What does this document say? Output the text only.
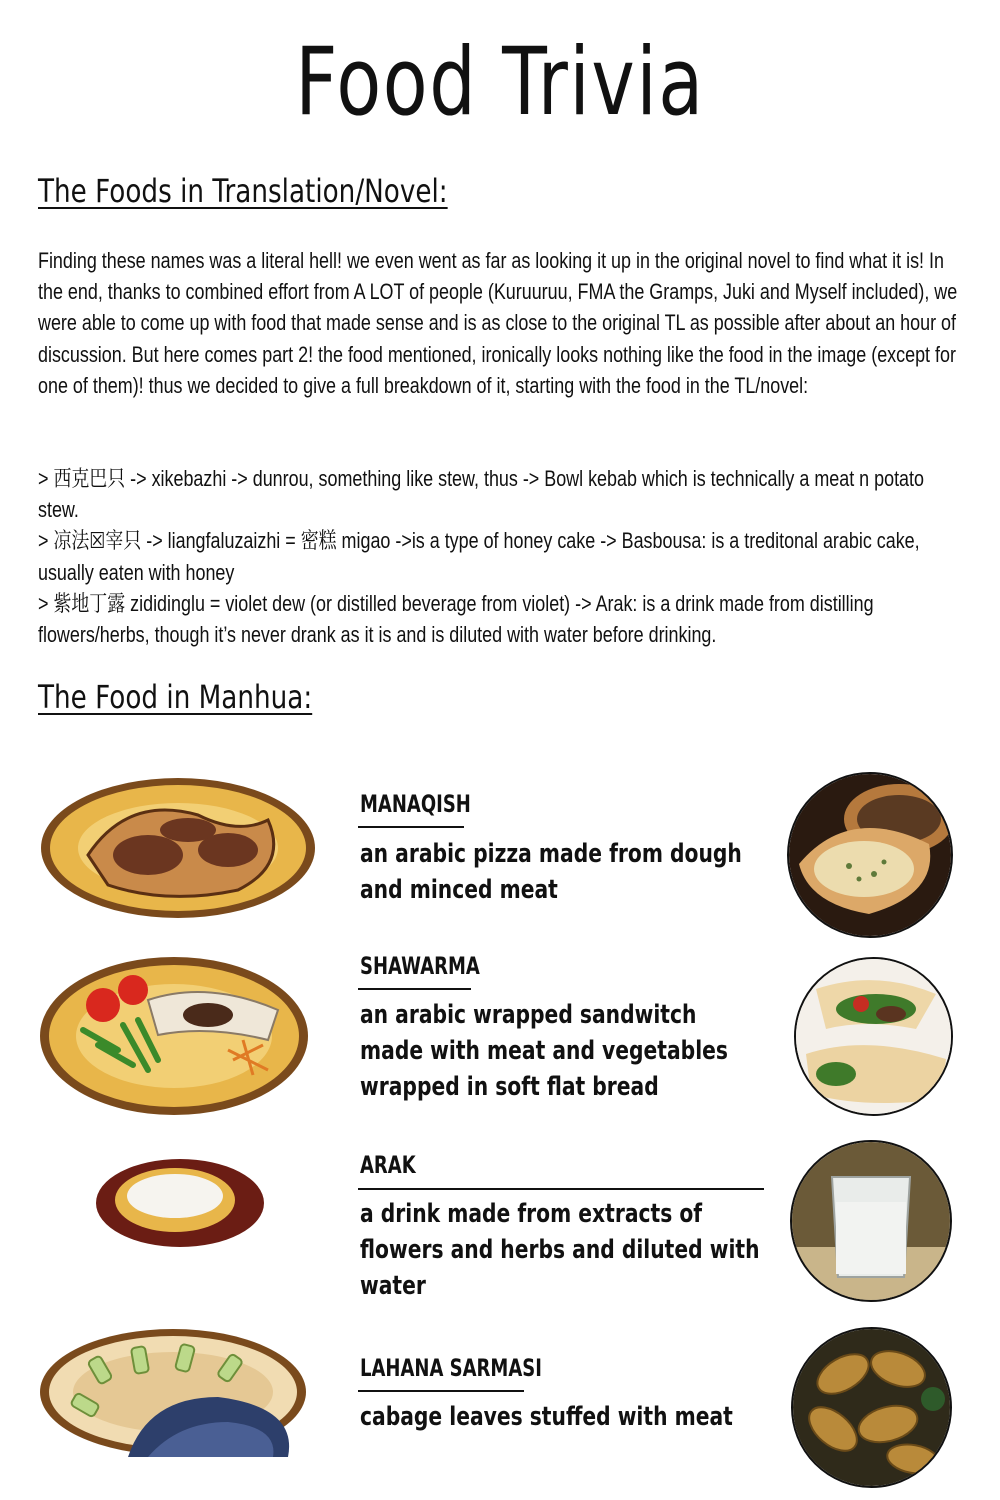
Food Trivia
The Foods in Translation/Novel:

Finding these names was a literal hell! we even went as far as looking it up in the original novel to find what it is! In the end, thanks to combined effort from A LOT of people (Kuruuruu, FMA the Gramps, Juki and Myself included), we were able to come up with food that made sense and is as close to the original TL as possible after about an hour of discussion. But here comes part 2! the food mentioned, ironically looks nothing like the food in the image (except for one of them)! thus we decided to give a full breakdown of it, starting with the food in the TL/novel:

> 西克巴只 -> xikebazhi -> dunrou, something like stew, thus -> Bowl kebab which is technically a meat n potato stew.

> 凉法☒宰只 -> liangfaluzaizhi = 密糕 migao ->is a type of honey cake -> Basbousa: is a treditonal arabic cake, usually eaten with honey

> 紫地丁露 zididinglu = violet dew (or distilled beverage from violet) -> Arak: is a drink made from distilling flowers/herbs, though it’s never drank as it is and is diluted with water before drinking.

The Food in Manhua:
MANAQISH

an arabic pizza made from dough and minced meat

SHAWARMA

an arabic wrapped sandwitch made with meat and vegetables wrapped in soft flat bread

ARAK

a drink made from extracts of flowers and herbs and diluted with water

LAHANA SARMASI

cabage leaves stuffed with meat
